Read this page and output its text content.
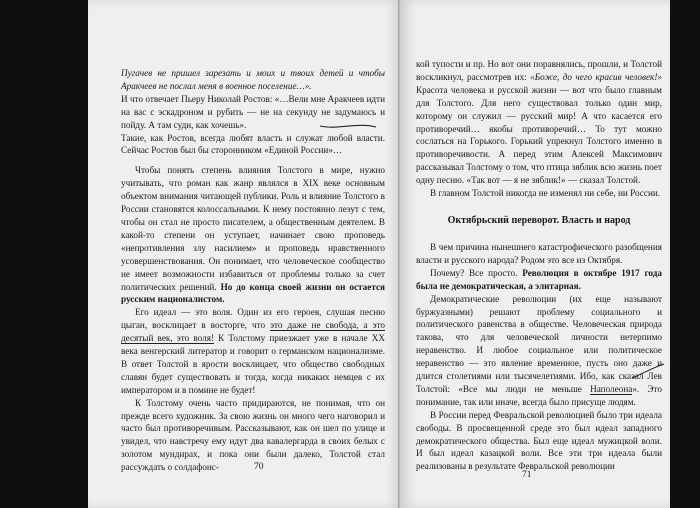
Пугачев не пришел зарезать и моих и твоих детей и чтобы Аракчеев не послал меня в военное поселение…».

И что отвечает Пьеру Николай Ростов: «…Вели мне Аракчеев идти на вас с эскадроном и рубить — не на секунду не задумаюсь и пойду. А там суди, как хочешь».

Такие, как Ростов, всегда любят власть и служат любой власти. Сейчас Ростов был бы сторонником «Единой России»…

Чтобы понять степень влияния Толстого в мире, нужно учитывать, что роман как жанр являлся в XIX веке основным объектом внимания читающей публики. Роль и влияние Толстого в России становятся колоссальными. К нему постоянно лезут с тем, чтобы он стал не просто писателем, а общественным деятелем. В какой-то степени он уступает, начинает свою проповедь «непротивления злу насилием» и проповедь нравственного усовершенствования. Он понимает, что человеческое сообщество не имеет возможности избавиться от проблемы только за счет политических решений. Но до конца своей жизни он остается русским националистом.

Его идеал — это воля. Один из его героев, слушая песню цыган, восклицает в восторге, что это даже не свобода, а это десятый век, это воля! К Толстому приезжает уже в начале XX века венгерский литератор и говорит о германском национализме. В ответ Толстой в ярости восклицает, что общество свободных славян будет существовать и тогда, когда никаких немцев с их императором и в помине не будет!

К Толстому очень часто придираются, не понимая, что он прежде всего художник. За свою жизнь он много чего наговорил и часто был противоречивым. Рассказывают, как он шел по улице и увидел, что навстречу ему идут два кавалергарда в своих белых с золотом мундирах, и пока они были далеко, Толстой стал рассуждать о солдафонс-	70

кой тупости и пр. Но вот они поравнялись, прошли, и Толстой воскликнул, рассмотрев их: «Боже, до чего красив человек!» Красота человека и русской жизни — вот что было главным для Толстого. Для него существовал только один мир, которому он служил — русский мир! А что касается его противоречий… якобы противоречий… То тут можно сослаться на Горького. Горький упрекнул Толстого именно в противоречивости. А перед этим Алексей Максимович рассказывал Толстому о том, что птица зяблик всю жизнь поет одну песню. «Так вот — я не зяблик!» — сказал Толстой.

В главном Толстой никогда не изменял ни себе, ни России.

Октябрьский переворот. Власть и народ

В чем причина нынешнего катастрофического разобщения власти и русского народа? Родом это все из Октября.

Почему? Все просто. Революция в октябре 1917 года была не демократическая, а элитарная.

Демократические революции (их еще называют буржуазными) решают проблему социального и политического равенства в обществе. Человеческая природа такова, что для человеческой личности нетерпимо неравенство. И любое социальное или политическое неравенство — это явление временное, пусть оно даже и длится столетиями или тысячелетиями. Ибо, как сказал Лев Толстой: «Все мы люди не меньше Наполеона». Это понимание, так или иначе, всегда было присуще людям.

В России перед Февральской революцией было три идеала свободы. В просвещенной среде это был идеал западного демократического общества. Был еще идеал мужицкой воли. И был идеал казацкой воли. Все эти три идеала были реализованы в результате Февральской революции

71
